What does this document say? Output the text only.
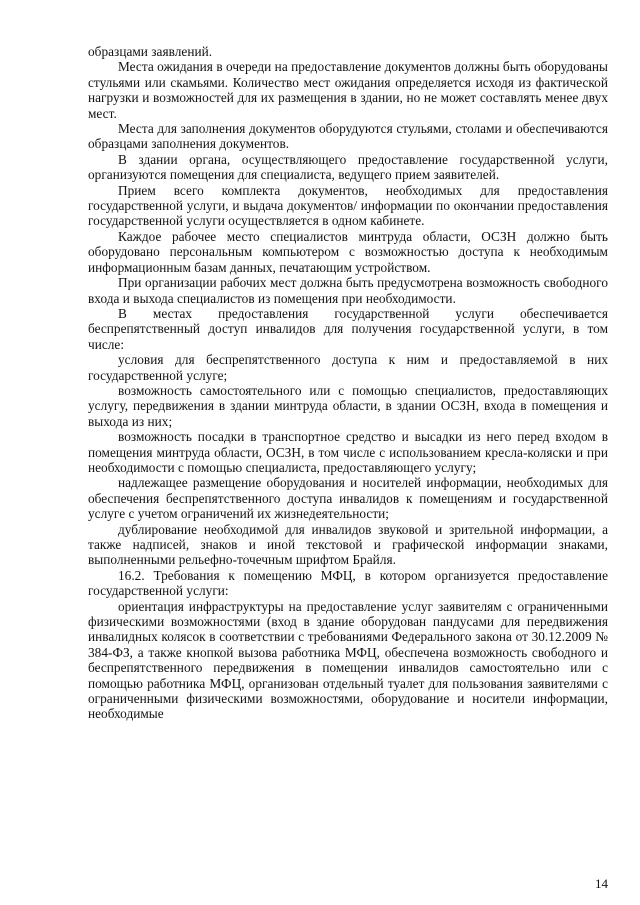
образцами заявлений.

Места ожидания в очереди на предоставление документов должны быть оборудованы стульями или скамьями. Количество мест ожидания определяется исходя из фактической нагрузки и возможностей для их размещения в здании, но не может составлять менее двух мест.

Места для заполнения документов оборудуются стульями, столами и обеспечиваются образцами заполнения документов.

В здании органа, осуществляющего предоставление государственной услуги, организуются помещения для специалиста, ведущего прием заявителей.

Прием всего комплекта документов, необходимых для предоставления государственной услуги, и выдача документов/ информации по окончании предоставления государственной услуги осуществляется в одном кабинете.

Каждое рабочее место специалистов минтруда области, ОСЗН должно быть оборудовано персональным компьютером с возможностью доступа к необходимым информационным базам данных, печатающим устройством.

При организации рабочих мест должна быть предусмотрена возможность свободного входа и выхода специалистов из помещения при необходимости.

В местах предоставления государственной услуги обеспечивается беспрепятственный доступ инвалидов для получения государственной услуги, в том числе:

условия для беспрепятственного доступа к ним и предоставляемой в них государственной услуге;

возможность самостоятельного или с помощью специалистов, предоставляющих услугу, передвижения в здании минтруда области, в здании ОСЗН, входа в помещения и выхода из них;

возможность посадки в транспортное средство и высадки из него перед входом в помещения минтруда области, ОСЗН, в том числе с использованием кресла-коляски и при необходимости с помощью специалиста, предоставляющего услугу;

надлежащее размещение оборудования и носителей информации, необходимых для обеспечения беспрепятственного доступа инвалидов к помещениям и государственной услуге с учетом ограничений их жизнедеятельности;

дублирование необходимой для инвалидов звуковой и зрительной информации, а также надписей, знаков и иной текстовой и графической информации знаками, выполненными рельефно-точечным шрифтом Брайля.

16.2. Требования к помещению МФЦ, в котором организуется предоставление государственной услуги:

ориентация инфраструктуры на предоставление услуг заявителям с ограниченными физическими возможностями (вход в здание оборудован пандусами для передвижения инвалидных колясок в соответствии с требованиями Федерального закона от 30.12.2009 № 384-ФЗ, а также кнопкой вызова работника МФЦ, обеспечена возможность свободного и беспрепятственного передвижения в помещении инвалидов самостоятельно или с помощью работника МФЦ, организован отдельный туалет для пользования заявителями с ограниченными физическими возможностями, оборудование и носители информации, необходимые

14
